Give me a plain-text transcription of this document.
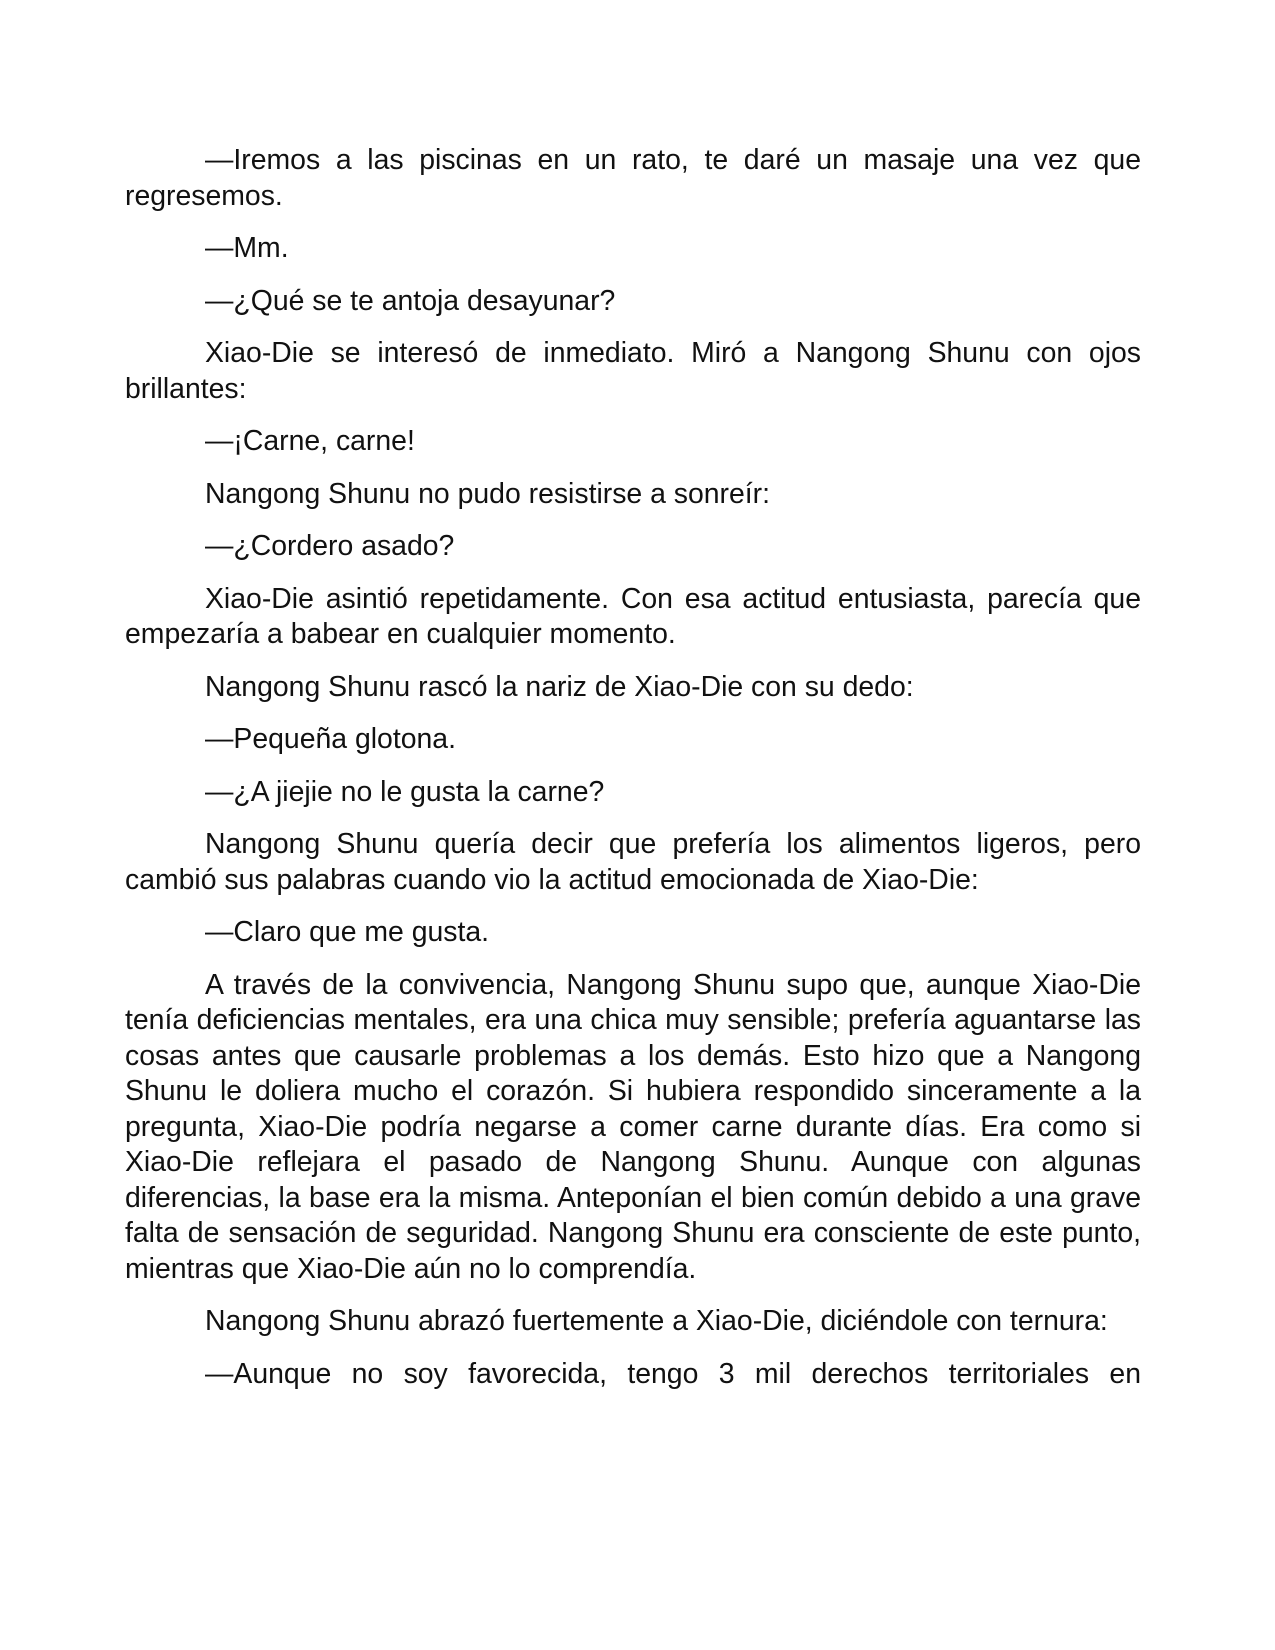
—Iremos a las piscinas en un rato, te daré un masaje una vez que regresemos.

—Mm.

—¿Qué se te antoja desayunar?

Xiao-Die se interesó de inmediato. Miró a Nangong Shunu con ojos brillantes:

—¡Carne, carne!

Nangong Shunu no pudo resistirse a sonreír:

—¿Cordero asado?

Xiao-Die asintió repetidamente. Con esa actitud entusiasta, parecía que empezaría a babear en cualquier momento.

Nangong Shunu rascó la nariz de Xiao-Die con su dedo:

—Pequeña glotona.

—¿A jiejie no le gusta la carne?

Nangong Shunu quería decir que prefería los alimentos ligeros, pero cambió sus palabras cuando vio la actitud emocionada de Xiao-Die:

—Claro que me gusta.

A través de la convivencia, Nangong Shunu supo que, aunque Xiao-Die tenía deficiencias mentales, era una chica muy sensible; prefería aguantarse las cosas antes que causarle problemas a los demás. Esto hizo que a Nangong Shunu le doliera mucho el corazón. Si hubiera respondido sinceramente a la pregunta, Xiao-Die podría negarse a comer carne durante días. Era como si Xiao-Die reflejara el pasado de Nangong Shunu. Aunque con algunas diferencias, la base era la misma. Anteponían el bien común debido a una grave falta de sensación de seguridad. Nangong Shunu era consciente de este punto, mientras que Xiao-Die aún no lo comprendía.

Nangong Shunu abrazó fuertemente a Xiao-Die, diciéndole con ternura:

—Aunque no soy favorecida, tengo 3 mil derechos territoriales en
